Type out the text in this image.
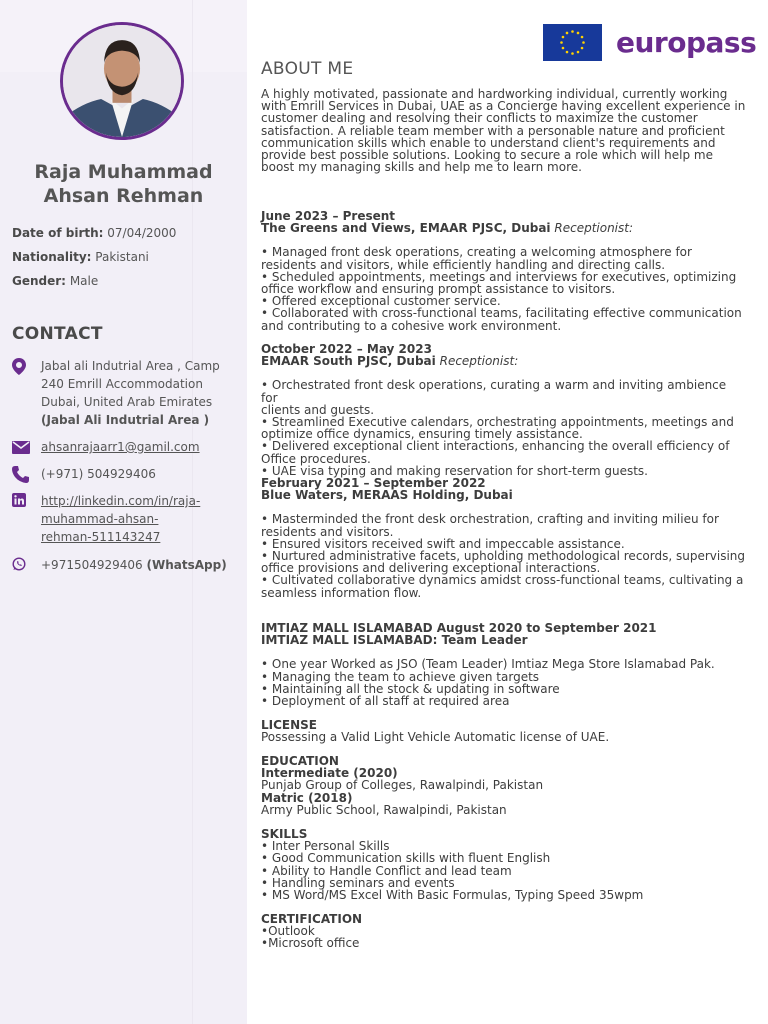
Raja Muhammad
Ahsan Rehman
Date of birth: 07/04/2000
Nationality: Pakistani
Gender: Male
CONTACT
Jabal ali Indutrial Area , Camp
240 Emrill Accommodation
Dubai, United Arab Emirates
(Jabal Ali Indutrial Area )
ahsanrajaarr1@gamil.com
(+971) 504929406
http://linkedin.com/in/raja-
muhammad-ahsan-
rehman-511143247
+971504929406 (WhatsApp)
europass
ABOUT ME
A highly motivated, passionate and hardworking individual, currently working
with Emrill Services in Dubai, UAE as a Concierge having excellent experience in
customer dealing and resolving their conflicts to maximize the customer
satisfaction. A reliable team member with a personable nature and proficient
communication skills which enable to understand client's requirements and
provide best possible solutions. Looking to secure a role which will help me
boost my managing skills and help me to learn more.
June 2023 – Present
The Greens and Views, EMAAR PJSC, Dubai Receptionist:
• Managed front desk operations, creating a welcoming atmosphere for
residents and visitors, while efficiently handling and directing calls.
• Scheduled appointments, meetings and interviews for executives, optimizing
office workflow and ensuring prompt assistance to visitors.
• Offered exceptional customer service.
• Collaborated with cross-functional teams, facilitating effective communication
and contributing to a cohesive work environment.
October 2022 – May 2023
EMAAR South PJSC, Dubai Receptionist:
• Orchestrated front desk operations, curating a warm and inviting ambience for
clients and guests.
• Streamlined Executive calendars, orchestrating appointments, meetings and
optimize office dynamics, ensuring timely assistance.
• Delivered exceptional client interactions, enhancing the overall efficiency of
Office procedures.
• UAE visa typing and making reservation for short-term guests.
February 2021 – September 2022
Blue Waters, MERAAS Holding, Dubai
• Masterminded the front desk orchestration, crafting and inviting milieu for
residents and visitors.
• Ensured visitors received swift and impeccable assistance.
• Nurtured administrative facets, upholding methodological records, supervising
office provisions and delivering exceptional interactions.
• Cultivated collaborative dynamics amidst cross-functional teams, cultivating a
seamless information flow.
IMTIAZ MALL ISLAMABAD August 2020 to September 2021
IMTIAZ MALL ISLAMABAD: Team Leader
• One year Worked as JSO (Team Leader) Imtiaz Mega Store Islamabad Pak.
• Managing the team to achieve given targets
• Maintaining all the stock & updating in software
• Deployment of all staff at required area
LICENSE
Possessing a Valid Light Vehicle Automatic license of UAE.
EDUCATION
Intermediate (2020)
Punjab Group of Colleges, Rawalpindi, Pakistan
Matric (2018)
Army Public School, Rawalpindi, Pakistan
SKILLS
• Inter Personal Skills
• Good Communication skills with fluent English
• Ability to Handle Conflict and lead team
• Handling seminars and events
• MS Word/MS Excel With Basic Formulas, Typing Speed 35wpm
CERTIFICATION
•Outlook
•Microsoft office
